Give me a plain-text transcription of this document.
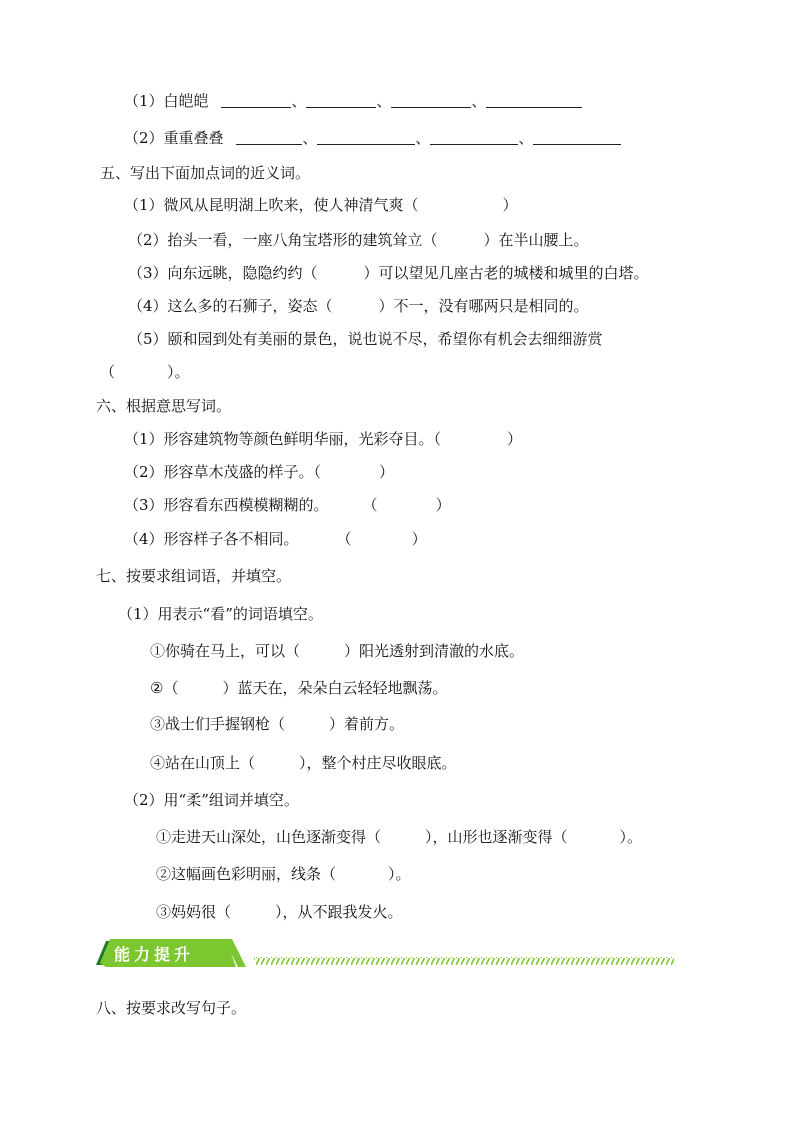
（1）白皑皑	、	、	、
（2）重重叠叠	、	、	、
五、写出下面加点词的近义词。
（1）微风从昆明湖上吹来，使人神清气爽（	）
（2）抬头一看，一座八角宝塔形的建筑耸立（	）在半山腰上。
（3）向东远眺，隐隐约约（	）可以望见几座古老的城楼和城里的白塔。
（4）这么多的石狮子，姿态（	）不一，没有哪两只是相同的。
（5）颐和园到处有美丽的景色，说也说不尽，希望你有机会去细细游赏
（	）。
六、根据意思写词。
（1）形容建筑物等颜色鲜明华丽，光彩夺目。（	）
（2）形容草木茂盛的样子。（	）
（3）形容看东西模模糊糊的。 （	）
（4）形容样子各不相同。	（	）
七、按要求组词语，并填空。
（1）用表示“看”的词语填空。
①你骑在马上，可以（	）阳光透射到清澈的水底。
②（	）蓝天在，朵朵白云轻轻地飘荡。
③战士们手握钢枪（	）着前方。
④站在山顶上（	），整个村庄尽收眼底。
（2）用“柔”组词并填空。
①走进天山深处，山色逐渐变得（	），山形也逐渐变得（	）。
②这幅画色彩明丽，线条（	）。
③妈妈很（	），从不跟我发火。
能力提升
八、按要求改写句子。
